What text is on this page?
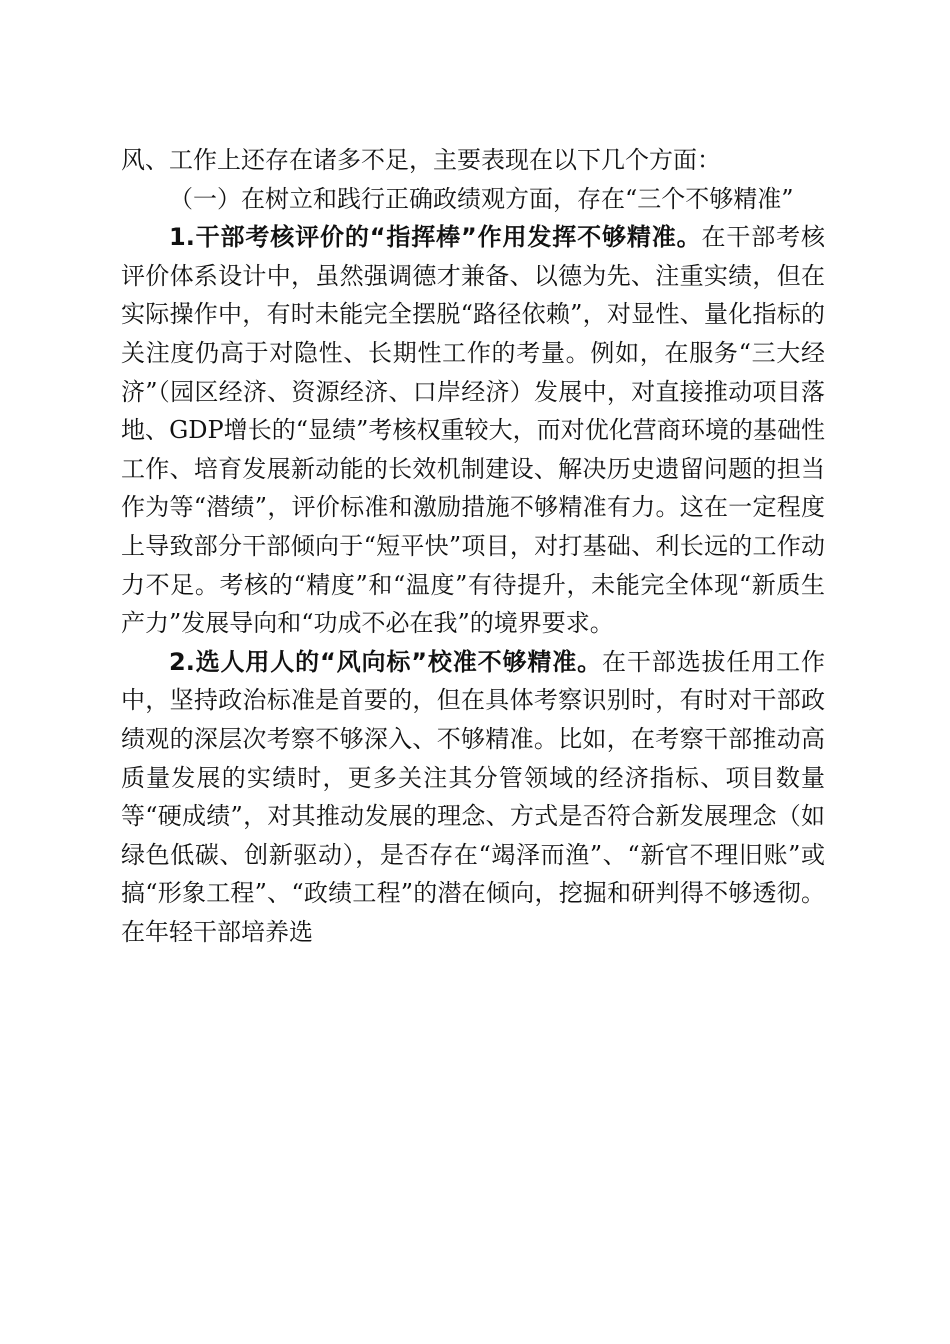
风、工作上还存在诸多不足，主要表现在以下几个方面：

（一）在树立和践行正确政绩观方面，存在“三个不够精准”

1.干部考核评价的“指挥棒”作用发挥不够精准。在干部考核评价体系设计中，虽然强调德才兼备、以德为先、注重实绩，但在实际操作中，有时未能完全摆脱“路径依赖”，对显性、量化指标的关注度仍高于对隐性、长期性工作的考量。例如，在服务“三大经济”（园区经济、资源经济、口岸经济）发展中，对直接推动项目落地、GDP增长的“显绩”考核权重较大，而对优化营商环境的基础性工作、培育发展新动能的长效机制建设、解决历史遗留问题的担当作为等“潜绩”，评价标准和激励措施不够精准有力。这在一定程度上导致部分干部倾向于“短平快”项目，对打基础、利长远的工作动力不足。考核的“精度”和“温度”有待提升，未能完全体现“新质生产力”发展导向和“功成不必在我”的境界要求。

2.选人用人的“风向标”校准不够精准。在干部选拔任用工作中，坚持政治标准是首要的，但在具体考察识别时，有时对干部政绩观的深层次考察不够深入、不够精准。比如，在考察干部推动高质量发展的实绩时，更多关注其分管领域的经济指标、项目数量等“硬成绩”，对其推动发展的理念、方式是否符合新发展理念（如绿色低碳、创新驱动），是否存在“竭泽而渔”、“新官不理旧账”或搞“形象工程”、“政绩工程”的潜在倾向，挖掘和研判得不够透彻。在年轻干部培养选
